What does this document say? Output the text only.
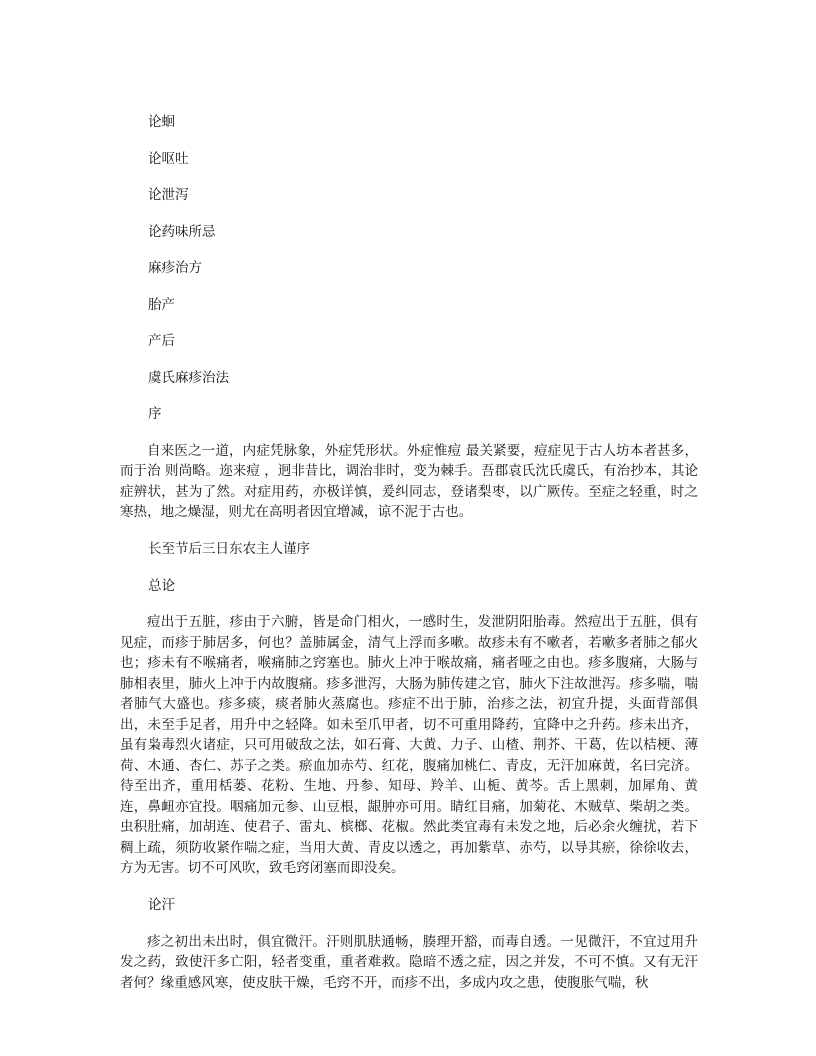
论蛔
论呕吐
论泄泻
论药味所忌
麻疹治方
胎产
产后
虞氏麻疹治法
序

自来医之一道，内症凭脉象，外症凭形状。外症惟痘 最关紧要，痘症见于古人坊本者甚多，而于治 则尚略。迩来痘 ，迥非昔比，调治非时，变为棘手。吾郡袁氏沈氏虞氏，有治抄本，其论症辨状，甚为了然。对症用药，亦极详慎，爰纠同志，登诸梨枣，以广厥传。至症之轻重，时之寒热，地之燥湿，则尤在高明者因宜增减，谅不泥于古也。

长至节后三日东农主人谨序
总论

痘出于五脏，疹由于六腑，皆是命门相火，一感时生，发泄阴阳胎毒。然痘出于五脏，俱有见症，而疹于肺居多，何也？盖肺属金，清气上浮而多嗽。故疹未有不嗽者，若嗽多者肺之郁火也；疹未有不喉痛者，喉痛肺之窍塞也。肺火上冲于喉故痛，痛者哑之由也。疹多腹痛，大肠与肺相表里，肺火上冲于内故腹痛。疹多泄泻，大肠为肺传建之官，肺火下注故泄泻。疹多喘，喘者肺气大盛也。疹多痰，痰者肺火蒸腐也。疹症不出于肺，治疹之法，初宜升提，头面背部俱出，未至手足者，用升中之轻降。如未至爪甲者，切不可重用降药，宜降中之升药。疹未出齐，虽有枭毒烈火诸症，只可用破敌之法，如石膏、大黄、力子、山楂、荆芥、干葛，佐以桔梗、薄荷、木通、杏仁、苏子之类。瘀血加赤芍、红花，腹痛加桃仁、青皮，无汗加麻黄，名曰完济。待至出齐，重用栝蒌、花粉、生地、丹参、知母、羚羊、山栀、黄芩。舌上黑刺，加犀角、黄连，鼻衄亦宜投。咽痛加元参、山豆根，龈肿亦可用。睛红目痛，加菊花、木贼草、柴胡之类。虫积肚痛，加胡连、使君子、雷丸、槟榔、花椒。然此类宜毒有未发之地，后必余火缠扰，若下稠上疏，须防收紧作喘之症，当用大黄、青皮以透之，再加紫草、赤芍，以导其瘀，徐徐收去，方为无害。切不可风吹，致毛窍闭塞而即没矣。

论汗

疹之初出未出时，俱宜微汗。汗则肌肤通畅，腠理开豁，而毒自透。一见微汗，不宜过用升发之药，致使汗多亡阳，轻者变重，重者难救。隐暗不透之症，因之并发，不可不慎。又有无汗者何？缘重感风寒，使皮肤干燥，毛窍不开，而疹不出，多成内攻之患，使腹胀气喘，秋
